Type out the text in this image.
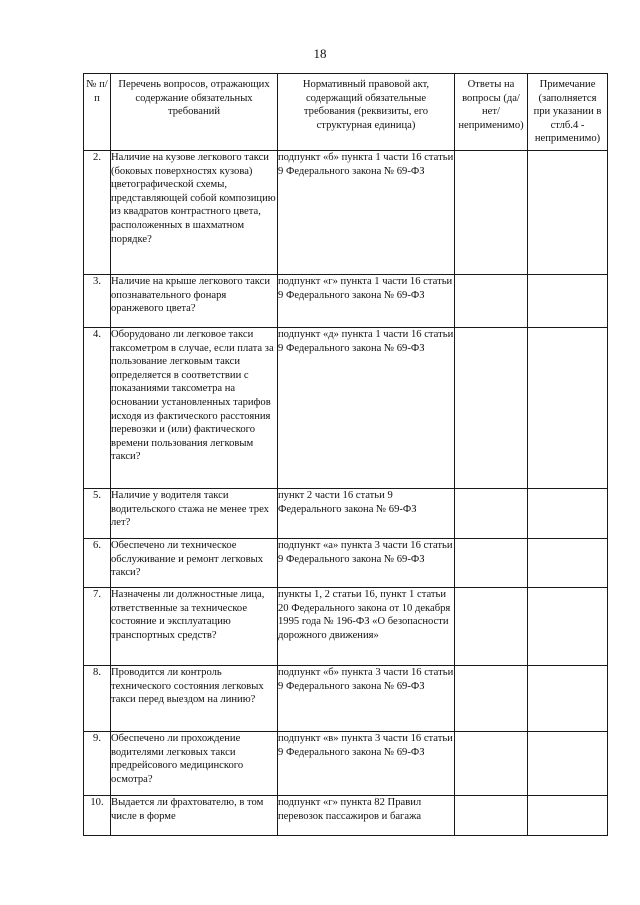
18
№ п/п	Перечень вопросов, отражающих содержание обязательных требований	Нормативный правовой акт, содержащий обязательные требования (реквизиты, его структурная единица)	Ответы на вопросы (да/нет/неприменимо)	Примечание (заполняется при указании в стлб.4 - неприменимо)
2.	Наличие на кузове легкового такси (боковых поверхностях кузова) цветографической схемы, представляющей собой композицию из квадратов контрастного цвета, расположенных в шахматном порядке?	подпункт «б» пункта 1 части 16 статьи 9 Федерального закона № 69-ФЗ		
3.	Наличие на крыше легкового такси опознавательного фонаря оранжевого цвета?	подпункт «г» пункта 1 части 16 статьи 9 Федерального закона № 69-ФЗ		
4.	Оборудовано ли легковое такси таксометром в случае, если плата за пользование легковым такси определяется в соответствии с показаниями таксометра на основании установленных тарифов исходя из фактического расстояния перевозки и (или) фактического времени пользования легковым такси?	подпункт «д» пункта 1 части 16 статьи 9 Федерального закона № 69-ФЗ		
5.	Наличие у водителя такси водительского стажа не менее трех лет?	пункт 2 части 16 статьи 9 Федерального закона № 69-ФЗ		
6.	Обеспечено ли техническое обслуживание и ремонт легковых такси?	подпункт «а» пункта 3 части 16 статьи 9 Федерального закона № 69-ФЗ		
7.	Назначены ли должностные лица, ответственные за техническое состояние и эксплуатацию транспортных средств?	пункты 1, 2 статьи 16, пункт 1 статьи 20 Федерального закона от 10 декабря 1995 года № 196-ФЗ «О безопасности дорожного движения»		
8.	Проводится ли контроль технического состояния легковых такси перед выездом на линию?	подпункт «б» пункта 3 части 16 статьи 9 Федерального закона № 69-ФЗ		
9.	Обеспечено ли прохождение водителями легковых такси предрейсового медицинского осмотра?	подпункт «в» пункта 3 части 16 статьи 9 Федерального закона № 69-ФЗ		
10.	Выдается ли фрахтователю, в том числе в форме	подпункт «г» пункта 82 Правил перевозок пассажиров и багажа		
